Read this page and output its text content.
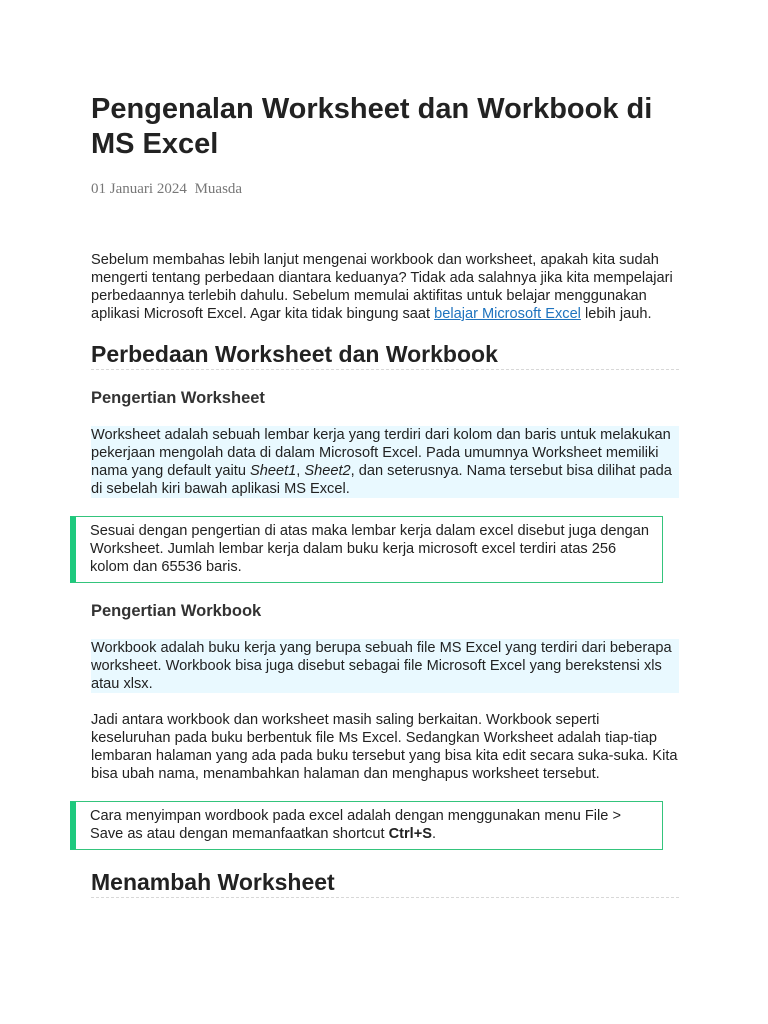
Pengenalan Worksheet dan Workbook di MS Excel
01 Januari 2024 Muasda

Sebelum membahas lebih lanjut mengenai workbook dan worksheet, apakah kita sudah mengerti tentang perbedaan diantara keduanya? Tidak ada salahnya jika kita mempelajari perbedaannya terlebih dahulu. Sebelum memulai aktifitas untuk belajar menggunakan aplikasi Microsoft Excel. Agar kita tidak bingung saat belajar Microsoft Excel lebih jauh.

Perbedaan Worksheet dan Workbook
Pengertian Worksheet

Worksheet adalah sebuah lembar kerja yang terdiri dari kolom dan baris untuk melakukan pekerjaan mengolah data di dalam Microsoft Excel. Pada umumnya Worksheet memiliki nama yang default yaitu Sheet1, Sheet2, dan seterusnya. Nama tersebut bisa dilihat pada di sebelah kiri bawah aplikasi MS Excel.

Sesuai dengan pengertian di atas maka lembar kerja dalam excel disebut juga dengan Worksheet. Jumlah lembar kerja dalam buku kerja microsoft excel terdiri atas 256 kolom dan 65536 baris.
Pengertian Workbook

Workbook adalah buku kerja yang berupa sebuah file MS Excel yang terdiri dari beberapa worksheet. Workbook bisa juga disebut sebagai file Microsoft Excel yang berekstensi xls atau xlsx.

Jadi antara workbook dan worksheet masih saling berkaitan. Workbook seperti keseluruhan pada buku berbentuk file Ms Excel. Sedangkan Worksheet adalah tiap-tiap lembaran halaman yang ada pada buku tersebut yang bisa kita edit secara suka-suka. Kita bisa ubah nama, menambahkan halaman dan menghapus worksheet tersebut.

Cara menyimpan wordbook pada excel adalah dengan menggunakan menu File > Save as atau dengan memanfaatkan shortcut Ctrl+S.
Menambah Worksheet
